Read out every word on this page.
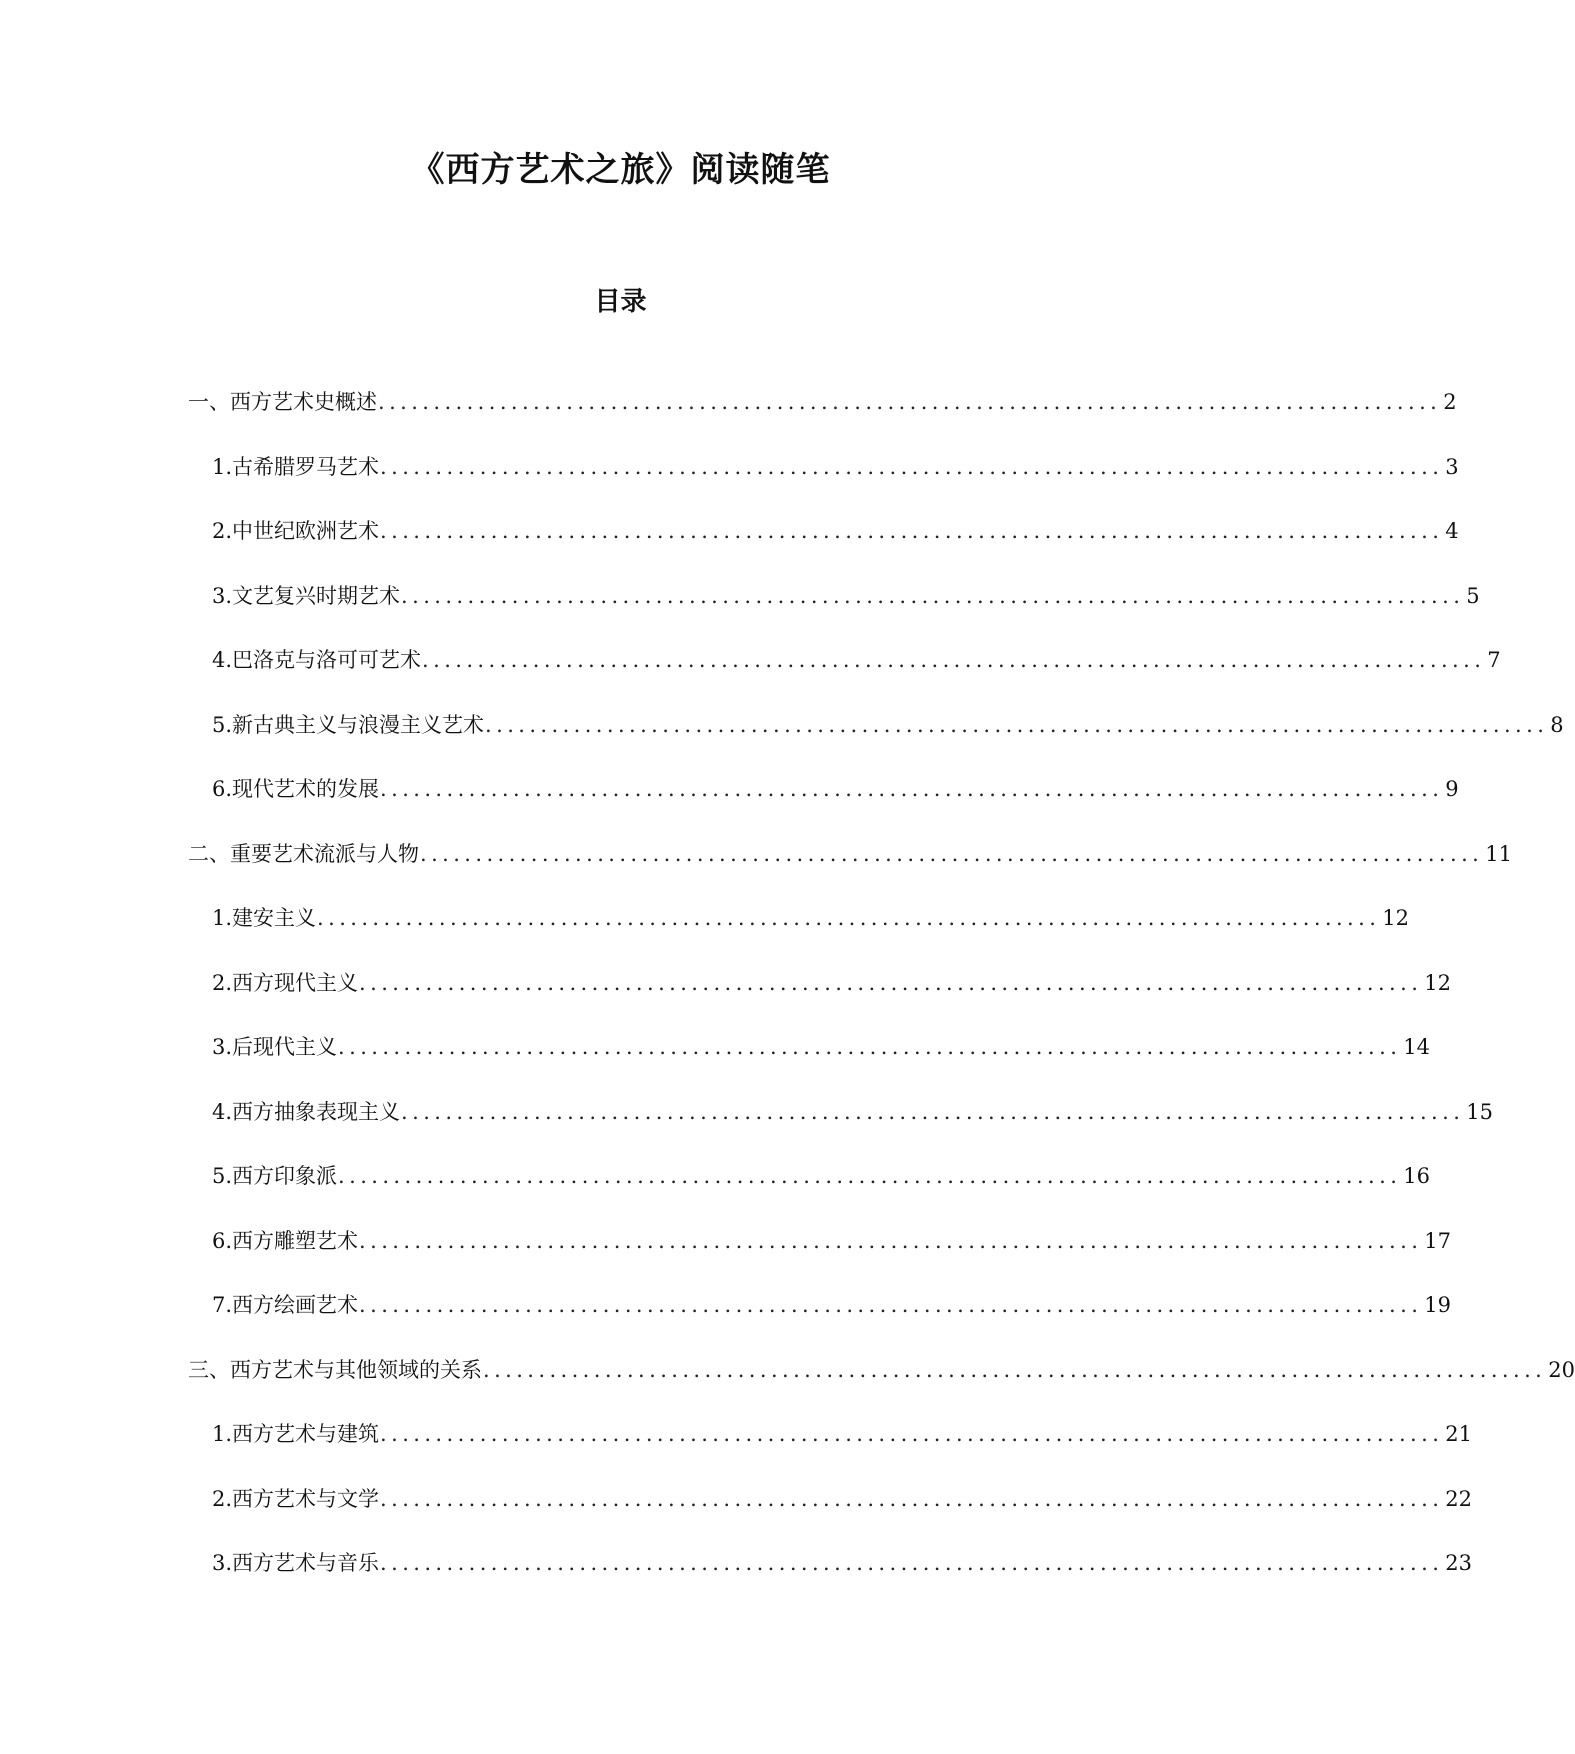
《西方艺术之旅》阅读随笔
目录
一、西方艺术史概述 ................................................................................................ 2
1. 古希腊罗马艺术 ................................................................................................ 3
2. 中世纪欧洲艺术 ................................................................................................ 4
3. 文艺复兴时期艺术 ................................................................................................ 5
4. 巴洛克与洛可可艺术 ................................................................................................ 7
5. 新古典主义与浪漫主义艺术 ................................................................................................ 8
6. 现代艺术的发展 ................................................................................................ 9
二、重要艺术流派与人物 ................................................................................................ 11
1. 建安主义 ................................................................................................ 12
2. 西方现代主义 ................................................................................................ 12
3. 后现代主义 ................................................................................................ 14
4. 西方抽象表现主义 ................................................................................................ 15
5. 西方印象派 ................................................................................................ 16
6. 西方雕塑艺术 ................................................................................................ 17
7. 西方绘画艺术 ................................................................................................ 19
三、西方艺术与其他领域的关系 ................................................................................................ 20
1. 西方艺术与建筑 ................................................................................................ 21
2. 西方艺术与文学 ................................................................................................ 22
3. 西方艺术与音乐 ................................................................................................ 23
